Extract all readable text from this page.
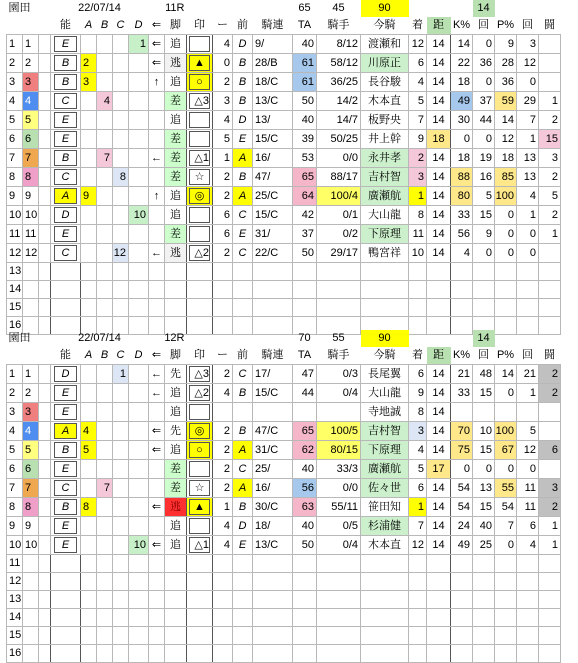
園田			22/07/14					11R						65	45	90				14			
			能	A	B	C	D	⇐	脚	印	ー	前	騎連	TA	騎手	今騎	着	距	K%	回	P%	回	闘
1	1		E				1	⇐	追		4	D	9/	40	8/12	渡瀬和	12	14	14	0	9	3	
2	2		B	2				⇐	逃	▲	0	B	28/B	61	58/12	川原正	6	14	22	36	28	12	
3	3		B	3				↑	追	○	2	B	18/C	61	36/25	長谷駿	4	14	18	0	36	0	
4	4		C		4				差	△3	3	B	13/C	50	14/2	木本直	5	14	49	37	59	29	1
5	5		E						追		4	D	13/	40	14/7	板野央	7	14	30	44	14	7	2
6	6		E						差		5	E	15/C	39	50/25	井上幹	9	18	0	0	12	1	15
7	7		B		7			←	差	△1	1	A	16/	53	0/0	永井孝	2	14	18	19	18	13	3
8	8		C			8			差	☆	2	B	47/	65	88/17	吉村智	3	14	88	16	85	13	2
9	9		A	9				↑	追	◎	2	A	25/C	64	100/4	廣瀬航	1	14	80	5	100	4	5
10	10		D				10		追		6	C	15/C	42	0/1	大山龍	8	14	33	15	0	1	2
11	11		E						差		6	E	31/	37	0/2	下原理	11	14	56	9	0	0	1
12	12		C			12		←	逃	△2	2	C	22/C	50	29/17	鴨宮祥	10	14	4	0	0	0	
13																							
14																							
15																							
16																							
園田			22/07/14					12R						70	55	90				14			
			能	A	B	C	D	⇐	脚	印	ー	前	騎連	TA	騎手	今騎	着	距	K%	回	P%	回	闘
1	1		D			1		←	先	△3	2	C	17/	47	0/3	長尾翼	6	14	21	48	14	21	2
2	2		E					←	追	△2	4	B	15/C	44	0/4	大山龍	9	14	33	15	0	1	2
3	3		E						追							寺地誠	8	14					
4	4		A	4				⇐	先	◎	2	B	47/C	65	100/5	吉村智	3	14	70	10	100	5	
5	5		B	5				⇐	追	○	2	A	31/C	62	80/15	下原理	4	14	75	15	67	12	6
6	6		E						差		2	C	25/	40	33/3	廣瀬航	5	17	0	0	0	0	
7	7		C		7				差	☆	2	A	16/	56	0/0	佐々世	6	14	54	13	55	11	3
8	8		B	8				⇐	逃	▲	1	B	30/C	63	55/11	笹田知	1	14	54	15	54	11	2
9	9		E						追		4	D	18/	40	0/5	杉浦健	7	14	24	40	7	6	1
10	10		E				10	⇐	追	△1	4	E	13/C	50	0/4	木本直	12	14	49	25	0	4	1
11																							
12																							
13																							
14																							
15																							
16																							
